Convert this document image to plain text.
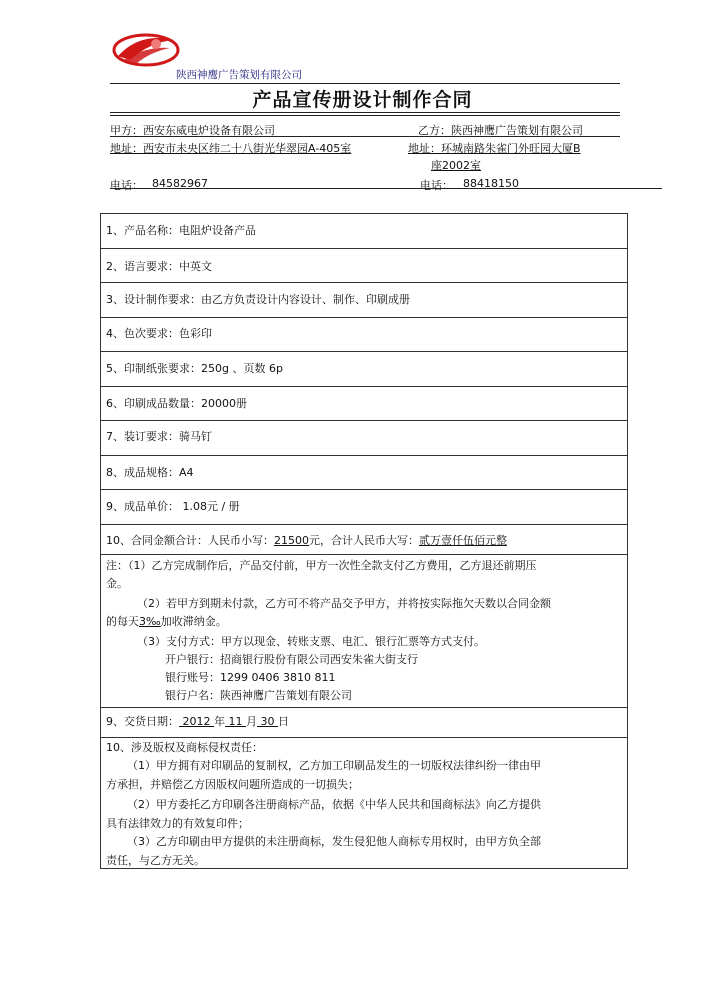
陕西神鹰广告策划有限公司
产品宣传册设计制作合同
甲方：西安东威电炉设备有限公司	乙方：陕西神鹰广告策划有限公司
地址：西安市未央区纬二十八街光华翠园A-405室	地址：环城南路朱雀门外旺园大厦B
座2002室
电话： 84582967	电话： 88418150
1、产品名称：电阻炉设备产品
2、语言要求：中英文
3、设计制作要求：由乙方负责设计内容设计、制作、印刷成册
4、色次要求：色彩印
5、印制纸张要求：250g 、页数 6p
6、印刷成品数量：20000册
7、装订要求：骑马钉
8、成品规格：A4
9、成品单价： 1.08元 / 册
10、合同金额合计：人民币小写：21500元，合计人民币大写：贰万壹仟伍佰元整
注：（1）乙方完成制作后，产品交付前，甲方一次性全款支付乙方费用，乙方退还前期压
金。
（2）若甲方到期未付款，乙方可不将产品交予甲方，并将按实际拖欠天数以合同金额
的每天3‰加收滞纳金。
（3）支付方式：甲方以现金、转账支票、电汇、银行汇票等方式支付。
开户银行：招商银行股份有限公司西安朱雀大街支行
银行账号：1299 0406 3810 811
银行户名：陕西神鹰广告策划有限公司
9、交货日期： 2012 年 11 月 30 日
10、涉及版权及商标侵权责任：
（1）甲方拥有对印刷品的复制权，乙方加工印刷品发生的一切版权法律纠纷一律由甲
方承担，并赔偿乙方因版权问题所造成的一切损失；
（2）甲方委托乙方印刷各注册商标产品，依据《中华人民共和国商标法》向乙方提供
具有法律效力的有效复印件；
（3）乙方印刷由甲方提供的未注册商标，发生侵犯他人商标专用权时，由甲方负全部
责任，与乙方无关。
